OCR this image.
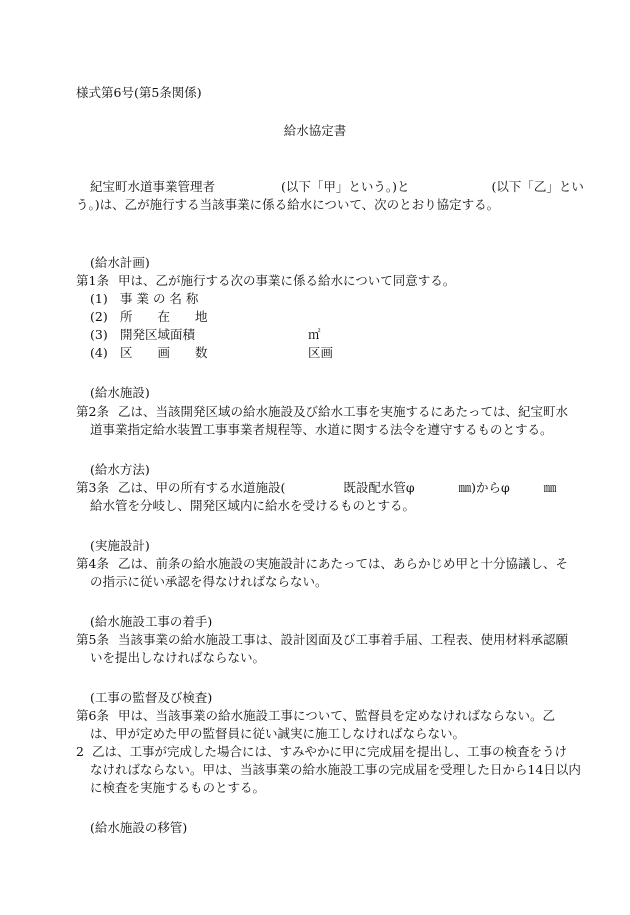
様式第6号(第5条関係)
給水協定書
紀宝町水道事業管理者	(以下「甲」という。)と	(以下「乙」とい
う。)は、乙が施行する当該事業に係る給水について、次のとおり協定する。
(給水計画)
第1条 甲は、乙が施行する次の事業に係る給水について同意する。
(1) 事 業 の 名 称
(2) 所　　在　　地
(3) 開発区域面積	㎡
(4) 区　　画　　数	区画
(給水施設)
第2条 乙は、当該開発区域の給水施設及び給水工事を実施するにあたっては、紀宝町水
道事業指定給水装置工事事業者規程等、水道に関する法令を遵守するものとする。
(給水方法)
第3条 乙は、甲の所有する水道施設(	既設配水管φ	㎜)からφ	㎜
給水管を分岐し、開発区域内に給水を受けるものとする。
(実施設計)
第4条 乙は、前条の給水施設の実施設計にあたっては、あらかじめ甲と十分協議し、そ
の指示に従い承認を得なければならない。
(給水施設工事の着手)
第5条 当該事業の給水施設工事は、設計図面及び工事着手届、工程表、使用材料承認願
いを提出しなければならない。
(工事の監督及び検査)
第6条 甲は、当該事業の給水施設工事について、監督員を定めなければならない。乙
は、甲が定めた甲の監督員に従い誠実に施工しなければならない。
2 乙は、工事が完成した場合には、すみやかに甲に完成届を提出し、工事の検査をうけ
なければならない。甲は、当該事業の給水施設工事の完成届を受理した日から14日以内
に検査を実施するものとする。
(給水施設の移管)
